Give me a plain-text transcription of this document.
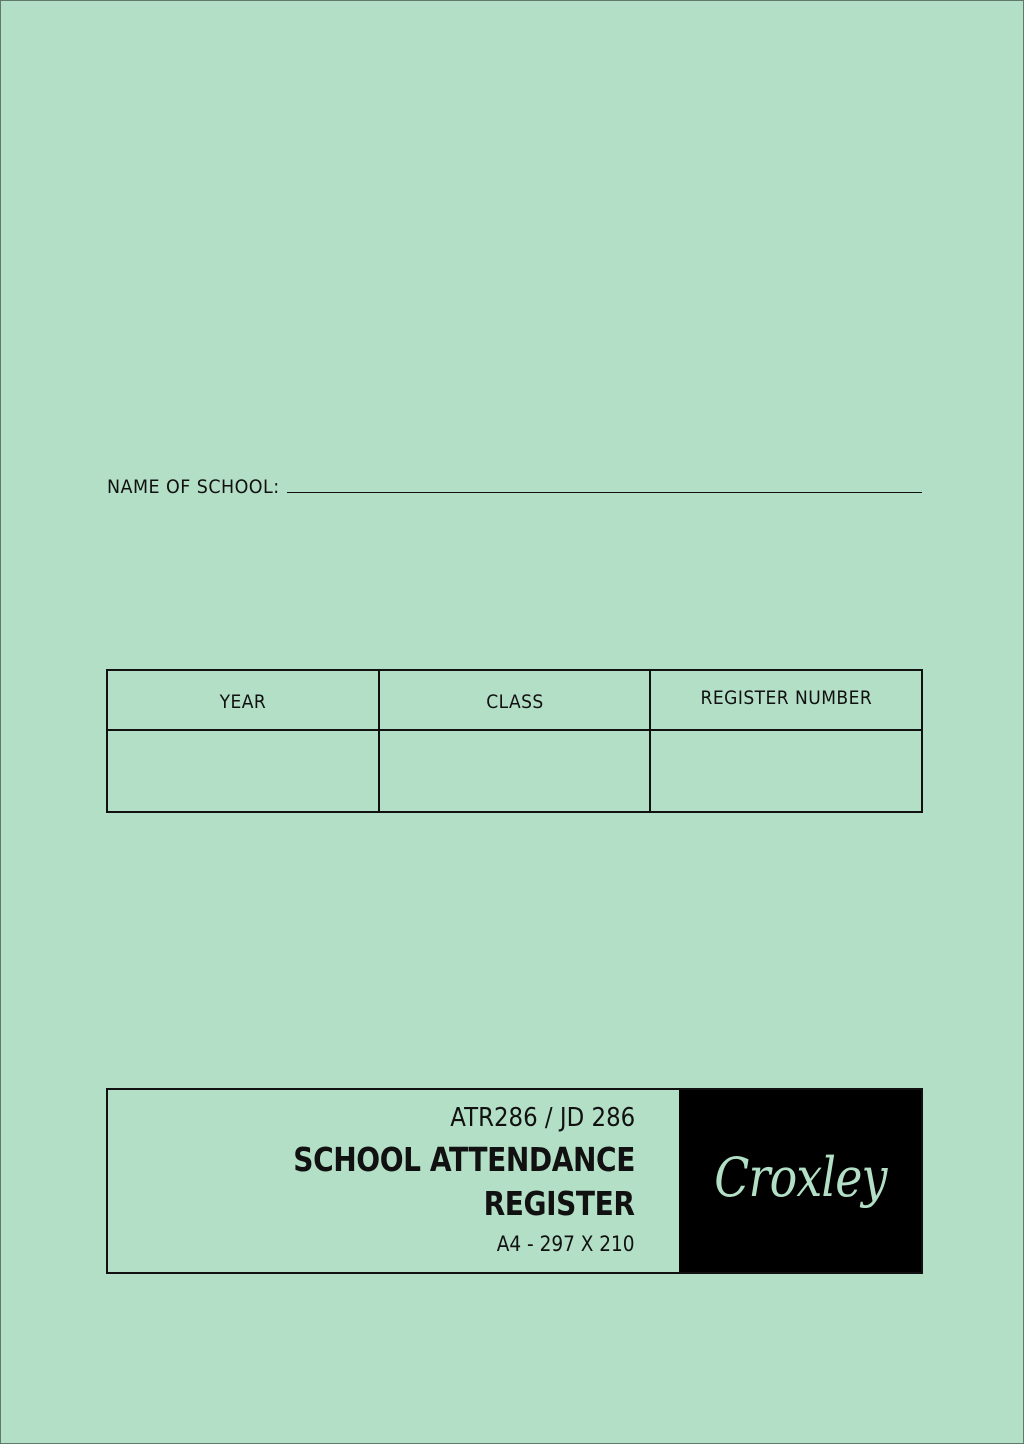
NAME OF SCHOOL:
YEAR	CLASS	REGISTER NUMBER

ATR286 / JD 286
SCHOOL ATTENDANCE
REGISTER
A4 - 297 X 210
Croxley
